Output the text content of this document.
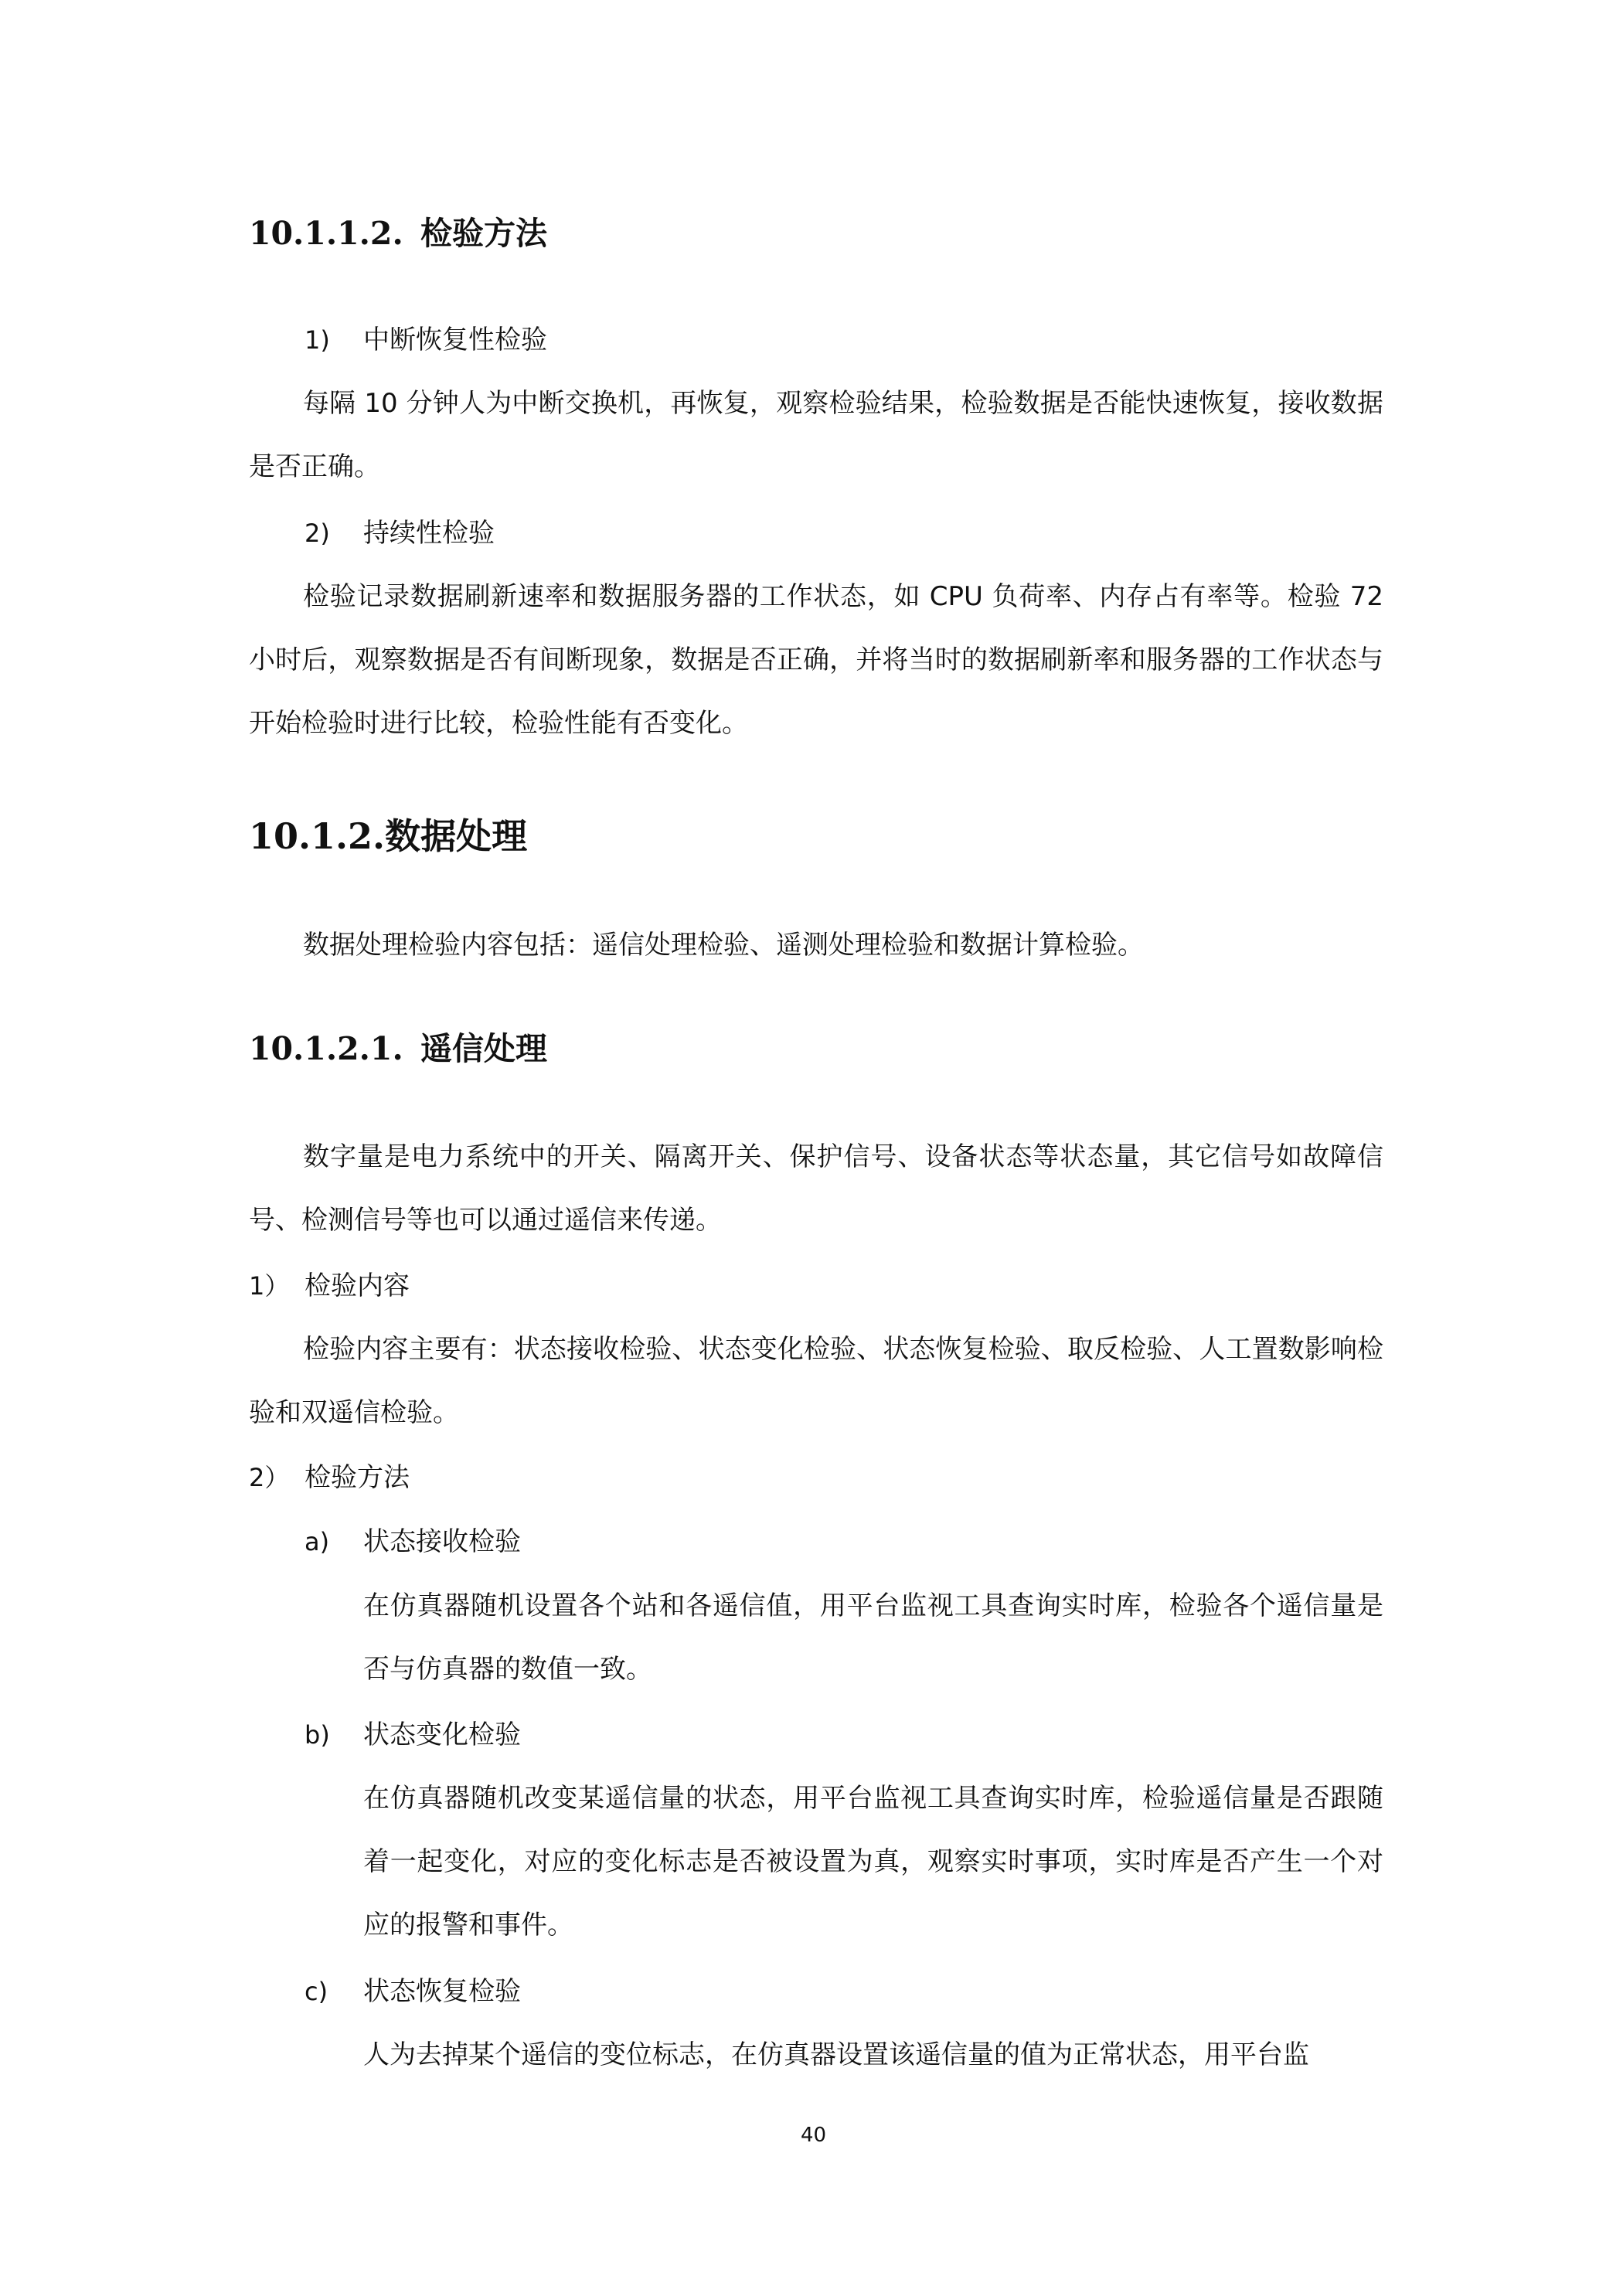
10.1.1.2. 检验方法
1) 中断恢复性检验
每隔 10 分钟人为中断交换机，再恢复，观察检验结果，检验数据是否能快速恢复，接收数据是否正确。
2) 持续性检验
检验记录数据刷新速率和数据服务器的工作状态，如 CPU 负荷率、内存占有率等。检验 72 小时后，观察数据是否有间断现象，数据是否正确，并将当时的数据刷新率和服务器的工作状态与开始检验时进行比较，检验性能有否变化。
10.1.2.数据处理
数据处理检验内容包括：遥信处理检验、遥测处理检验和数据计算检验。
10.1.2.1. 遥信处理
数字量是电力系统中的开关、隔离开关、保护信号、设备状态等状态量，其它信号如故障信号、检测信号等也可以通过遥信来传递。
1） 检验内容
检验内容主要有：状态接收检验、状态变化检验、状态恢复检验、取反检验、人工置数影响检验和双遥信检验。
2） 检验方法
a) 状态接收检验
在仿真器随机设置各个站和各遥信值，用平台监视工具查询实时库，检验各个遥信量是否与仿真器的数值一致。
b) 状态变化检验
在仿真器随机改变某遥信量的状态，用平台监视工具查询实时库，检验遥信量是否跟随着一起变化，对应的变化标志是否被设置为真，观察实时事项，实时库是否产生一个对应的报警和事件。
c) 状态恢复检验
人为去掉某个遥信的变位标志，在仿真器设置该遥信量的值为正常状态，用平台监
40
